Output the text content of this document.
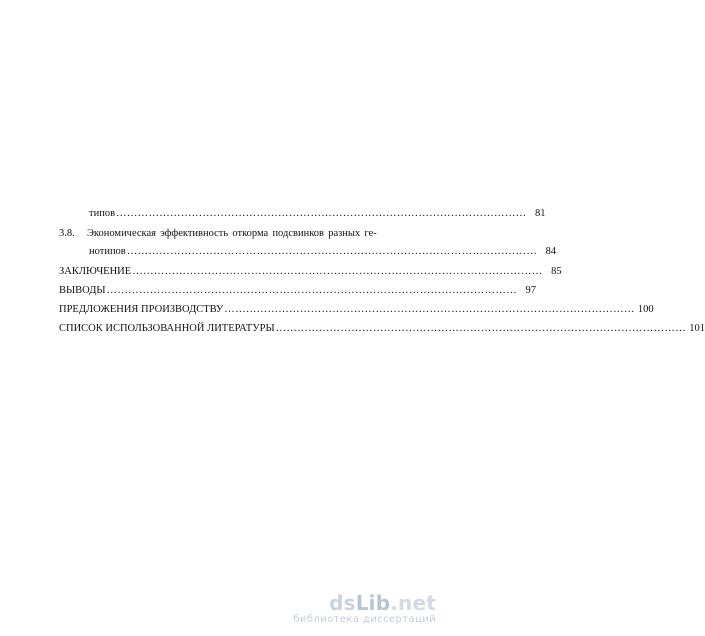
типов …………………………………………………………………………………………………… 81
3.8.	Экономическая эффективность откорма подсвинков разных ге-
нотипов …………………………………………………………………………………………………… 84
ЗАКЛЮЧЕНИЕ …………………………………………………………………………………………………… 85
ВЫВОДЫ …………………………………………………………………………………………………… 97
ПРЕДЛОЖЕНИЯ ПРОИЗВОДСТВУ …………………………………………………………………………………………………… 100
СПИСОК ИСПОЛЬЗОВАННОЙ ЛИТЕРАТУРЫ …………………………………………………………………………………………………… 101
dsLib.net
библиотека диссертаций
